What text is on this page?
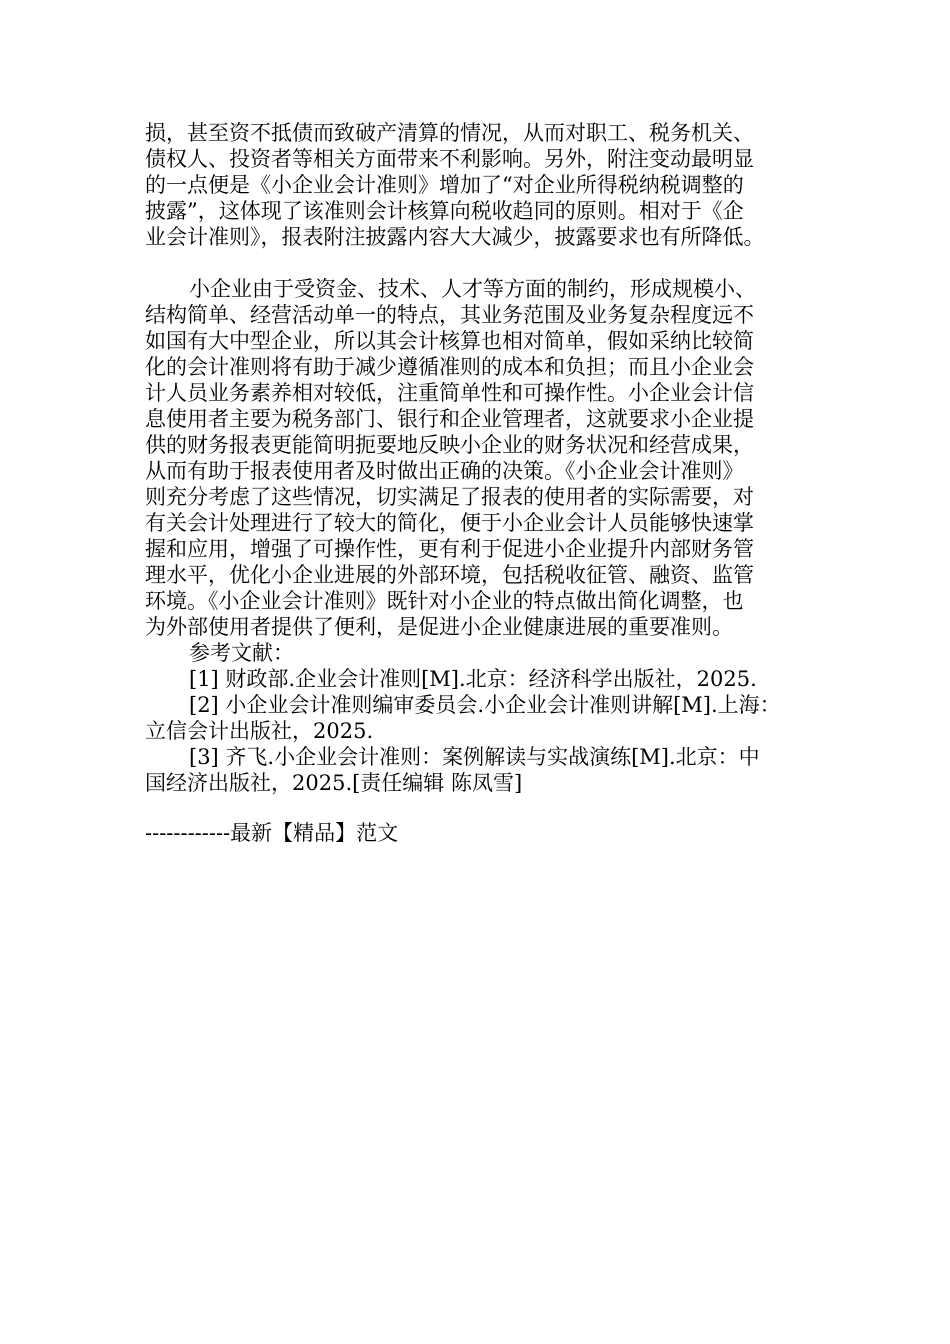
损，甚至资不抵债而致破产清算的情况，从而对职工、税务机关、
债权人、投资者等相关方面带来不利影响。另外，附注变动最明显
的一点便是《小企业会计准则》增加了“对企业所得税纳税调整的
披露”，这体现了该准则会计核算向税收趋同的原则。相对于《企
业会计准则》，报表附注披露内容大大减少，披露要求也有所降低。
小企业由于受资金、技术、人才等方面的制约，形成规模小、
结构简单、经营活动单一的特点，其业务范围及业务复杂程度远不
如国有大中型企业，所以其会计核算也相对简单，假如采纳比较简
化的会计准则将有助于减少遵循准则的成本和负担；而且小企业会
计人员业务素养相对较低，注重简单性和可操作性。小企业会计信
息使用者主要为税务部门、银行和企业管理者，这就要求小企业提
供的财务报表更能简明扼要地反映小企业的财务状况和经营成果，
从而有助于报表使用者及时做出正确的决策。《小企业会计准则》
则充分考虑了这些情况，切实满足了报表的使用者的实际需要，对
有关会计处理进行了较大的简化，便于小企业会计人员能够快速掌
握和应用，增强了可操作性，更有利于促进小企业提升内部财务管
理水平，优化小企业进展的外部环境，包括税收征管、融资、监管
环境。《小企业会计准则》既针对小企业的特点做出简化调整，也
为外部使用者提供了便利，是促进小企业健康进展的重要准则。
参考文献：
[1] 财政部.企业会计准则[M].北京：经济科学出版社，2025.
[2] 小企业会计准则编审委员会.小企业会计准则讲解[M].上海：
立信会计出版社，2025.
[3] 齐飞.小企业会计准则：案例解读与实战演练[M].北京：中
国经济出版社，2025.[责任编辑 陈凤雪]
------------最新【精品】范文
